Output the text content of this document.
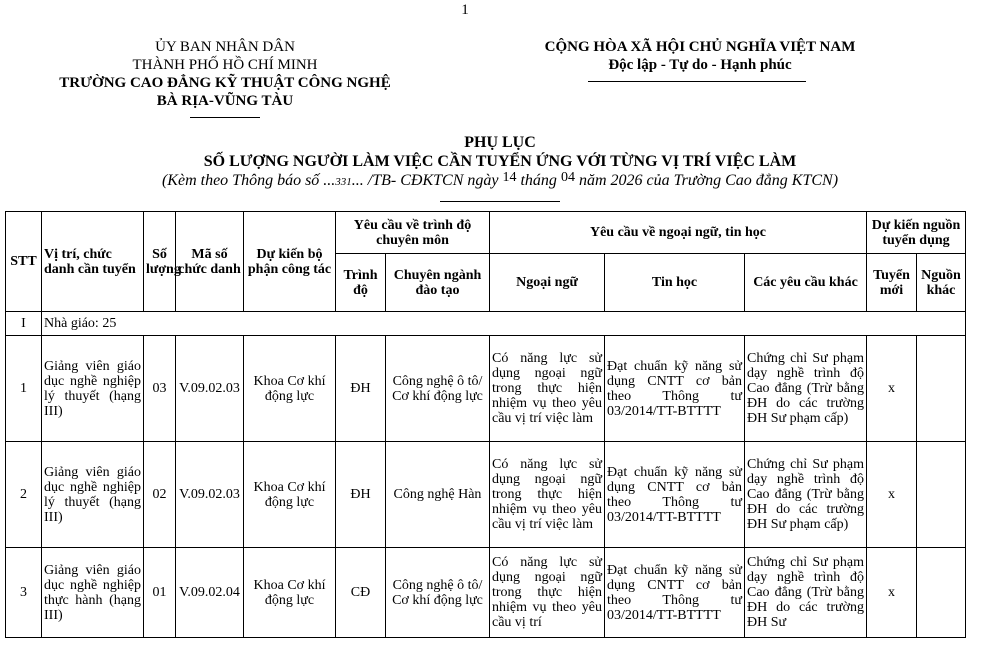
1
ỦY BAN NHÂN DÂN
THÀNH PHỐ HỒ CHÍ MINH
TRƯỜNG CAO ĐẲNG KỸ THUẬT CÔNG NGHỆ
BÀ RỊA-VŨNG TÀU
CỘNG HÒA XÃ HỘI CHỦ NGHĨA VIỆT NAM
Độc lập - Tự do - Hạnh phúc
PHỤ LỤC
SỐ LƯỢNG NGƯỜI LÀM VIỆC CẦN TUYỂN ỨNG VỚI TỪNG VỊ TRÍ VIỆC LÀM
(Kèm theo Thông báo số ...331... /TB- CĐKTCN ngày 14 tháng 04 năm 2026 của Trường Cao đẳng KTCN)
STT	Vị trí, chức danh cần tuyển	Số lượng	Mã số chức danh	Dự kiến bộ phận công tác	Yêu cầu về trình độ chuyên môn		Yêu cầu về ngoại ngữ, tin học			Dự kiến nguồn tuyển dụng	
					Trình độ	Chuyên ngành đào tạo	Ngoại ngữ	Tin học	Các yêu cầu khác	Tuyển mới	Nguồn khác
I	Nhà giáo: 25										
1	Giảng viên giáo dục nghề nghiệp lý thuyết (hạng III)	03	V.09.02.03	Khoa Cơ khí động lực	ĐH	Công nghệ ô tô/ Cơ khí động lực	Có năng lực sử dụng ngoại ngữ trong thực hiện nhiệm vụ theo yêu cầu vị trí việc làm	Đạt chuẩn kỹ năng sử dụng CNTT cơ bản theo Thông tư 03/2014/TT-BTTTT	Chứng chỉ Sư phạm dạy nghề trình độ Cao đẳng (Trừ bằng ĐH do các trường ĐH Sư phạm cấp)	x	
2	Giảng viên giáo dục nghề nghiệp lý thuyết (hạng III)	02	V.09.02.03	Khoa Cơ khí động lực	ĐH	Công nghệ Hàn	Có năng lực sử dụng ngoại ngữ trong thực hiện nhiệm vụ theo yêu cầu vị trí việc làm	Đạt chuẩn kỹ năng sử dụng CNTT cơ bản theo Thông tư 03/2014/TT-BTTTT	Chứng chỉ Sư phạm dạy nghề trình độ Cao đẳng (Trừ bằng ĐH do các trường ĐH Sư phạm cấp)	x	
3	Giảng viên giáo dục nghề nghiệp thực hành (hạng III)	01	V.09.02.04	Khoa Cơ khí động lực	CĐ	Công nghệ ô tô/ Cơ khí động lực	Có năng lực sử dụng ngoại ngữ trong thực hiện nhiệm vụ theo yêu cầu vị trí	Đạt chuẩn kỹ năng sử dụng CNTT cơ bản theo Thông tư 03/2014/TT-BTTTT	Chứng chỉ Sư phạm dạy nghề trình độ Cao đẳng (Trừ bằng ĐH do các trường ĐH Sư	x	
